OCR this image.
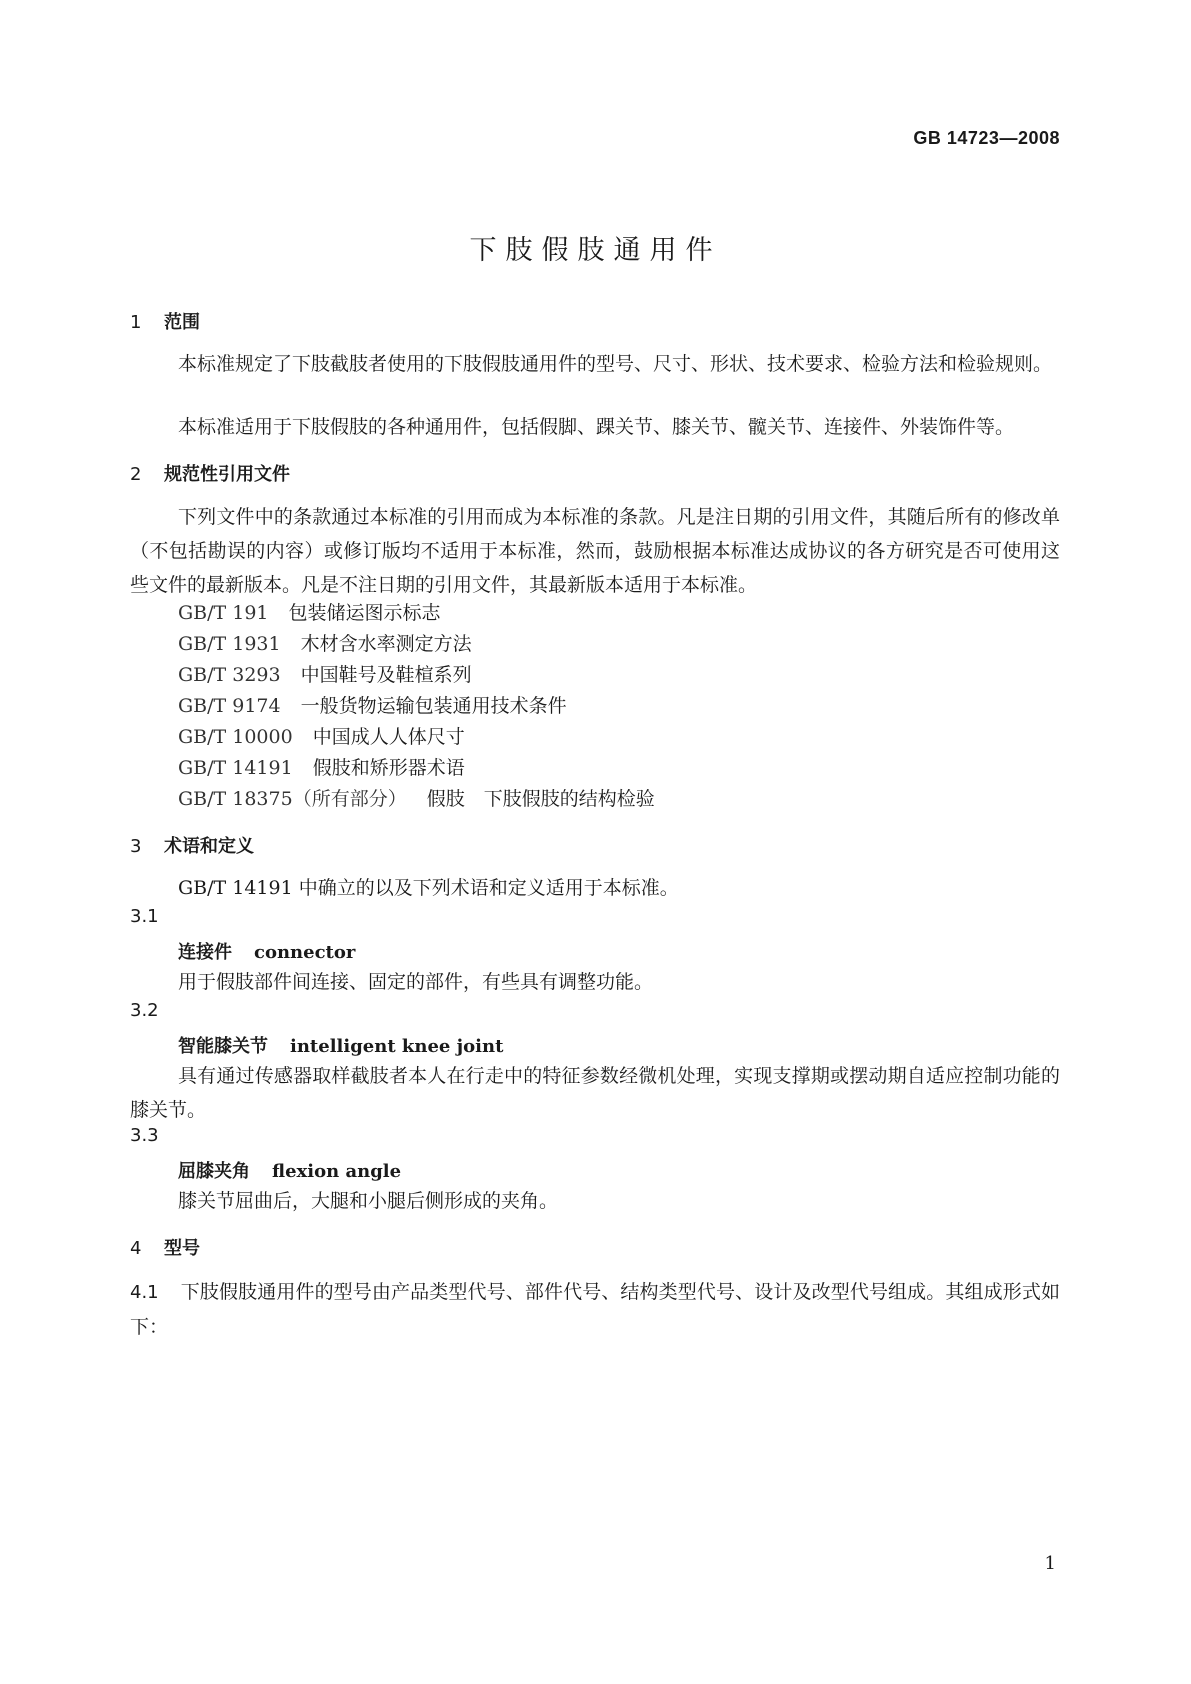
GB 14723—2008
下肢假肢通用件
1 范围
本标准规定了下肢截肢者使用的下肢假肢通用件的型号、尺寸、形状、技术要求、检验方法和检验规则。
本标准适用于下肢假肢的各种通用件，包括假脚、踝关节、膝关节、髋关节、连接件、外装饰件等。
2 规范性引用文件
下列文件中的条款通过本标准的引用而成为本标准的条款。凡是注日期的引用文件，其随后所有的修改单（不包括勘误的内容）或修订版均不适用于本标准，然而，鼓励根据本标准达成协议的各方研究是否可使用这些文件的最新版本。凡是不注日期的引用文件，其最新版本适用于本标准。
GB/T 191 包装储运图示标志
GB/T 1931 木材含水率测定方法
GB/T 3293 中国鞋号及鞋楦系列
GB/T 9174 一般货物运输包装通用技术条件
GB/T 10000 中国成人人体尺寸
GB/T 14191 假肢和矫形器术语
GB/T 18375（所有部分） 假肢　下肢假肢的结构检验
3 术语和定义
GB/T 14191 中确立的以及下列术语和定义适用于本标准。
3.1
连接件 connector
用于假肢部件间连接、固定的部件，有些具有调整功能。
3.2
智能膝关节 intelligent knee joint
具有通过传感器取样截肢者本人在行走中的特征参数经微机处理，实现支撑期或摆动期自适应控制功能的膝关节。
3.3
屈膝夹角 flexion angle
膝关节屈曲后，大腿和小腿后侧形成的夹角。
4 型号
4.1 下肢假肢通用件的型号由产品类型代号、部件代号、结构类型代号、设计及改型代号组成。其组成形式如下：
1
